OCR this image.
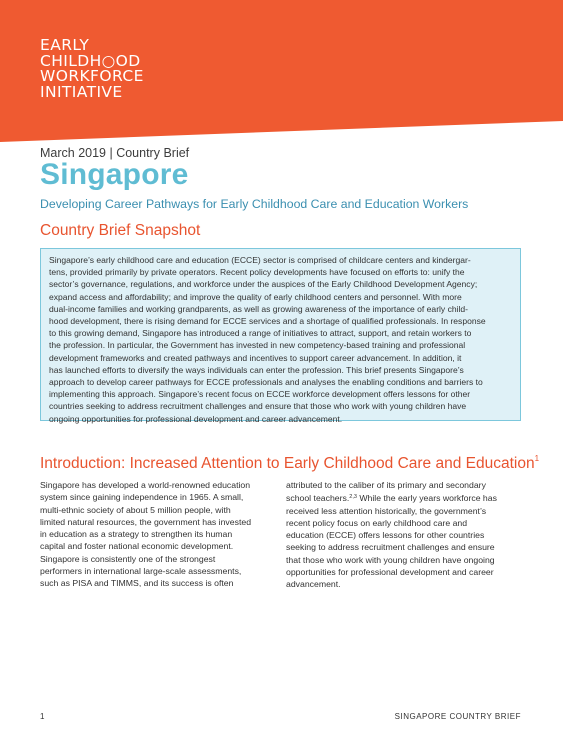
EARLY
CHILDH○OD
WORKFORCE
INITIATIVE
March 2019 | Country Brief
Singapore
Developing Career Pathways for Early Childhood Care and Education Workers
Country Brief Snapshot

Singapore’s early childhood care and education (ECCE) sector is comprised of childcare centers and kindergar-
tens, provided primarily by private operators. Recent policy developments have focused on efforts to: unify the
sector’s governance, regulations, and workforce under the auspices of the Early Childhood Development Agency;
expand access and affordability; and improve the quality of early childhood centers and personnel. With more
dual-income families and working grandparents, as well as growing awareness of the importance of early child-
hood development, there is rising demand for ECCE services and a shortage of qualified professionals. In response
to this growing demand, Singapore has introduced a range of initiatives to attract, support, and retain workers to
the profession. In particular, the Government has invested in new competency-based training and professional
development frameworks and created pathways and incentives to support career advancement. In addition, it
has launched efforts to diversify the ways individuals can enter the profession. This brief presents Singapore’s
approach to develop career pathways for ECCE professionals and analyses the enabling conditions and barriers to
implementing this approach. Singapore’s recent focus on ECCE workforce development offers lessons for other
countries seeking to address recruitment challenges and ensure that those who work with young children have
ongoing opportunities for professional development and career advancement.

Introduction: Increased Attention to Early Childhood Care and Education$^1$

Singapore has developed a world-renowned education
system since gaining independence in 1965. A small,
multi-ethnic society of about 5 million people, with
limited natural resources, the government has invested
in education as a strategy to strengthen its human
capital and foster national economic development.
Singapore is consistently one of the strongest
performers in international large-scale assessments,
such as PISA and TIMMS, and its success is often

attributed to the caliber of its primary and secondary
school teachers.$^{2,3}$ While the early years workforce has
received less attention historically, the government’s
recent policy focus on early childhood care and
education (ECCE) offers lessons for other countries
seeking to address recruitment challenges and ensure
that those who work with young children have ongoing
opportunities for professional development and career
advancement.

1	SINGAPORE COUNTRY BRIEF
